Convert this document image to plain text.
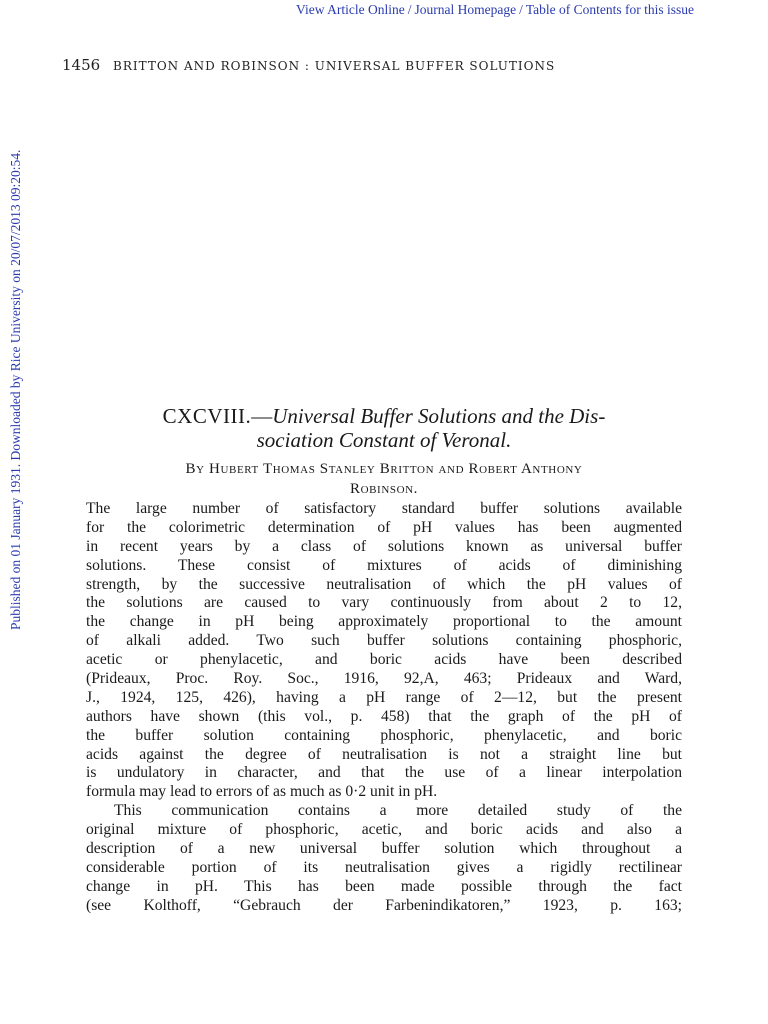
View Article Online / Journal Homepage / Table of Contents for this issue
Published on 01 January 1931. Downloaded by Rice University on 20/07/2013 09:20:54.
1456 BRITTON AND ROBINSON : UNIVERSAL BUFFER SOLUTIONS
CXCVIII.—Universal Buffer Solutions and the Dis-
sociation Constant of Veronal.
By Hubert Thomas Stanley Britton and Robert Anthony
Robinson.

The large number of satisfactory standard buffer solutions available
for the colorimetric determination of pH values has been augmented
in recent years by a class of solutions known as universal buffer
solutions. These consist of mixtures of acids of diminishing
strength, by the successive neutralisation of which the pH values of
the solutions are caused to vary continuously from about 2 to 12,
the change in pH being approximately proportional to the amount
of alkali added. Two such buffer solutions containing phosphoric,
acetic or phenylacetic, and boric acids have been described
(Prideaux, Proc. Roy. Soc., 1916, 92,A, 463; Prideaux and Ward,
J., 1924, 125, 426), having a pH range of 2—12, but the present
authors have shown (this vol., p. 458) that the graph of the pH of
the buffer solution containing phosphoric, phenylacetic, and boric
acids against the degree of neutralisation is not a straight line but
is undulatory in character, and that the use of a linear interpolation
formula may lead to errors of as much as 0·2 unit in pH.

This communication contains a more detailed study of the
original mixture of phosphoric, acetic, and boric acids and also a
description of a new universal buffer solution which throughout a
considerable portion of its neutralisation gives a rigidly rectilinear
change in pH. This has been made possible through the fact
(see Kolthoff, “Gebrauch der Farbenindikatoren,” 1923, p. 163;
